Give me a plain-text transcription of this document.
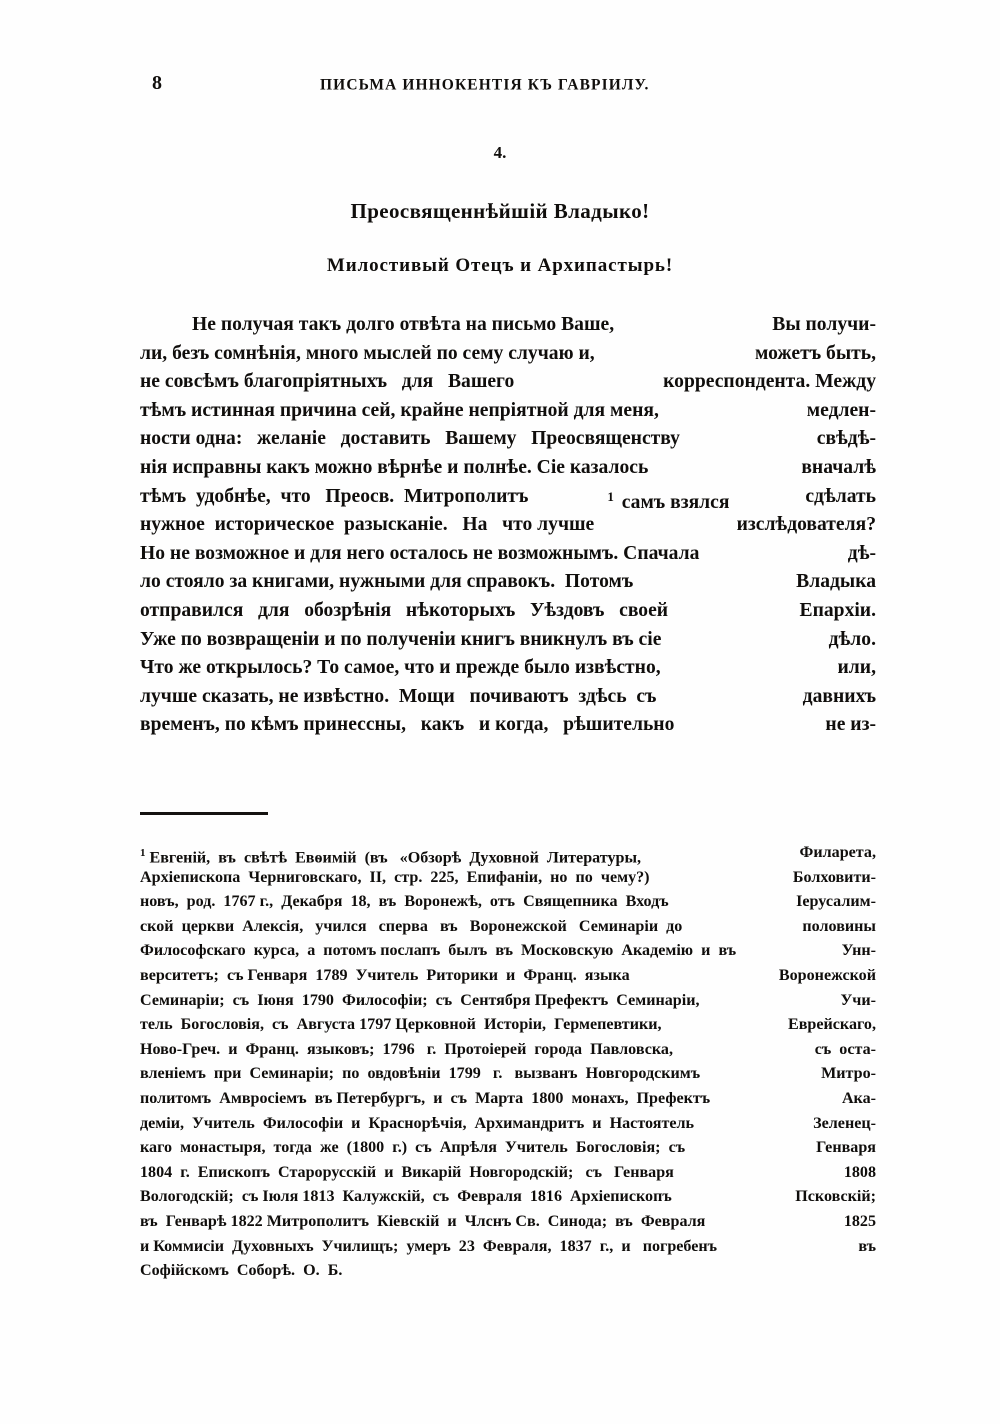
8	ПИСЬМА ИННОКЕНТІЯ КЪ ГАВРІИЛУ.
4.
Преосвященнѣйшій Владыко!
Милостивый Отецъ и Архипастырь!
Не получая такъ долго отвѣта на письмо Ваше,	Вы получи-
ли, безъ сомнѣнія, много мыслей по сему случаю и,	можетъ быть,
не совсѣмъ благопріятныхъ   для   Вашего	корреспондента. Между
тѣмъ истинная причина сей, крайне непріятной для меня,	медлен-
ности одна:   желаніе   доставить   Вашему   Преосвященству	свѣдѣ-
нія исправны какъ можно вѣрнѣе и полнѣе. Сіе казалось	вначалѣ
тѣмъ  удобнѣе,  что   Преосв.  Митрополитъ	$^1$ самъ взялся	сдѣлать
нужное  историческое  разысканіе.   На   что лучше	изслѣдователя?
Но не возможное и для него осталось не возможнымъ. Спачала	дѣ-
ло стояло за книгами, нужными для справокъ.  Потомъ	Владыка
отправился   для   обозрѣнія   нѣкоторыхъ   Уѣздовъ   своей	Епархіи.
Уже по возвращеніи и по полученіи книгъ вникнулъ въ сіе	дѣло.
Что же открылось? То самое, что и прежде было извѣстно,	или,
лучше сказать, не извѣстно.  Мощи   почиваютъ  здѣсь  съ	давнихъ
временъ, по кѣмъ принессны,   какъ   и когда,   рѣшительно	не из-
$^1$ Евгеній,  въ  свѣтѣ  Евѳимій  (въ   «Обзорѣ  Духовной  Литературы,	Филарета,
Архіепископа  Черниговскаго,  II,  стр.  225,  Епифаніи,  но  по  чему?)	Болховити-
новъ,  род.  1767 г.,  Декабря  18,  въ  Воронежѣ,  отъ  Свящепника  Входъ	Іерусалим-
ской  церкви  Алексія,   учился   сперва   въ   Воронежской   Семинаріи  до	половины
Философскаго  курса,  а  потомъ послапъ  былъ  въ  Московскую  Академію  и  въ	Унн-
верситетъ;  съ Генваря  1789  Учитель  Риторики  и  Франц.  языка	Воронежской
Семинаріи;  съ  Іюня  1790  Философіи;  съ  Сентября Префектъ  Семинаріи,	Учи-
тель  Богословія,  съ  Августа 1797 Церковной  Исторіи,  Гермепевтики,	Еврейскаго,
Ново-Греч.  и  Франц.  языковъ;  1796   г.  Протоіерей  города  Павловска,	съ  оста-
вленіемъ  при  Семинаріи;  по  овдовѣніи  1799   г.   вызванъ  Новгородскимъ	Митро-
политомъ  Амвросіемъ  въ Петербургъ,  и  съ  Марта  1800  монахъ,  Префектъ	Ака-
деміи,  Учитель  Философіи  и  Краснорѣчія,  Архимандритъ  и  Настоятель	Зеленец-
каго  монастыря,  тогда  же  (1800  г.)  съ  Апрѣля  Учитель  Богословія;  съ	Генваря
1804  г.  Епископъ  Старорусскій  и  Викарій  Новгородскій;   съ   Генваря	1808
Вологодскій;  съ Іюля 1813  Калужскій,  съ  Февраля  1816  Архіепископъ	Псковскій;
въ  Генварѣ 1822 Митрополитъ  Кіевскій  и  Члснъ Св.  Синода;  въ  Февраля	1825
и Коммисіи  Духовныхъ  Училищъ;  умеръ  23  Февраля,  1837  г.,  и   погребенъ	въ
Софійскомъ  Соборѣ.  О.  Б.
